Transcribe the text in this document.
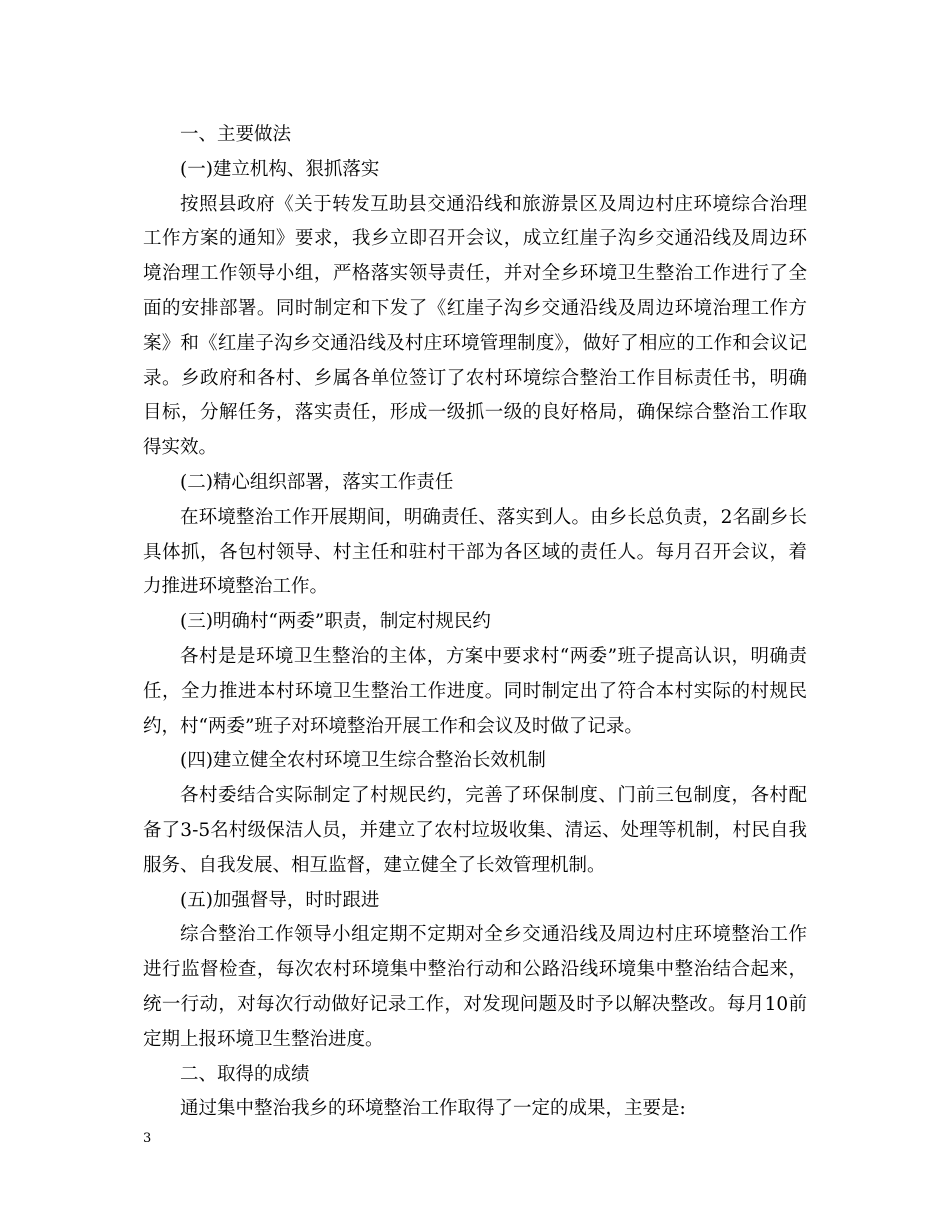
一、主要做法

(一)建立机构、狠抓落实

按照县政府《关于转发互助县交通沿线和旅游景区及周边村庄环境综合治理工作方案的通知》要求，我乡立即召开会议，成立红崖子沟乡交通沿线及周边环境治理工作领导小组，严格落实领导责任，并对全乡环境卫生整治工作进行了全面的安排部署。同时制定和下发了《红崖子沟乡交通沿线及周边环境治理工作方案》和《红崖子沟乡交通沿线及村庄环境管理制度》，做好了相应的工作和会议记录。乡政府和各村、乡属各单位签订了农村环境综合整治工作目标责任书，明确目标，分解任务，落实责任，形成一级抓一级的良好格局，确保综合整治工作取得实效。

(二)精心组织部署，落实工作责任

在环境整治工作开展期间，明确责任、落实到人。由乡长总负责，2名副乡长具体抓，各包村领导、村主任和驻村干部为各区域的责任人。每月召开会议，着力推进环境整治工作。

(三)明确村“两委”职责，制定村规民约

各村是是环境卫生整治的主体，方案中要求村“两委”班子提高认识，明确责任，全力推进本村环境卫生整治工作进度。同时制定出了符合本村实际的村规民约，村“两委”班子对环境整治开展工作和会议及时做了记录。

(四)建立健全农村环境卫生综合整治长效机制

各村委结合实际制定了村规民约，完善了环保制度、门前三包制度，各村配备了3-5名村级保洁人员，并建立了农村垃圾收集、清运、处理等机制，村民自我服务、自我发展、相互监督，建立健全了长效管理机制。

(五)加强督导，时时跟进

综合整治工作领导小组定期不定期对全乡交通沿线及周边村庄环境整治工作进行监督检查，每次农村环境集中整治行动和公路沿线环境集中整治结合起来，统一行动，对每次行动做好记录工作，对发现问题及时予以解决整改。每月10前定期上报环境卫生整治进度。

二、取得的成绩

通过集中整治我乡的环境整治工作取得了一定的成果，主要是:

3
